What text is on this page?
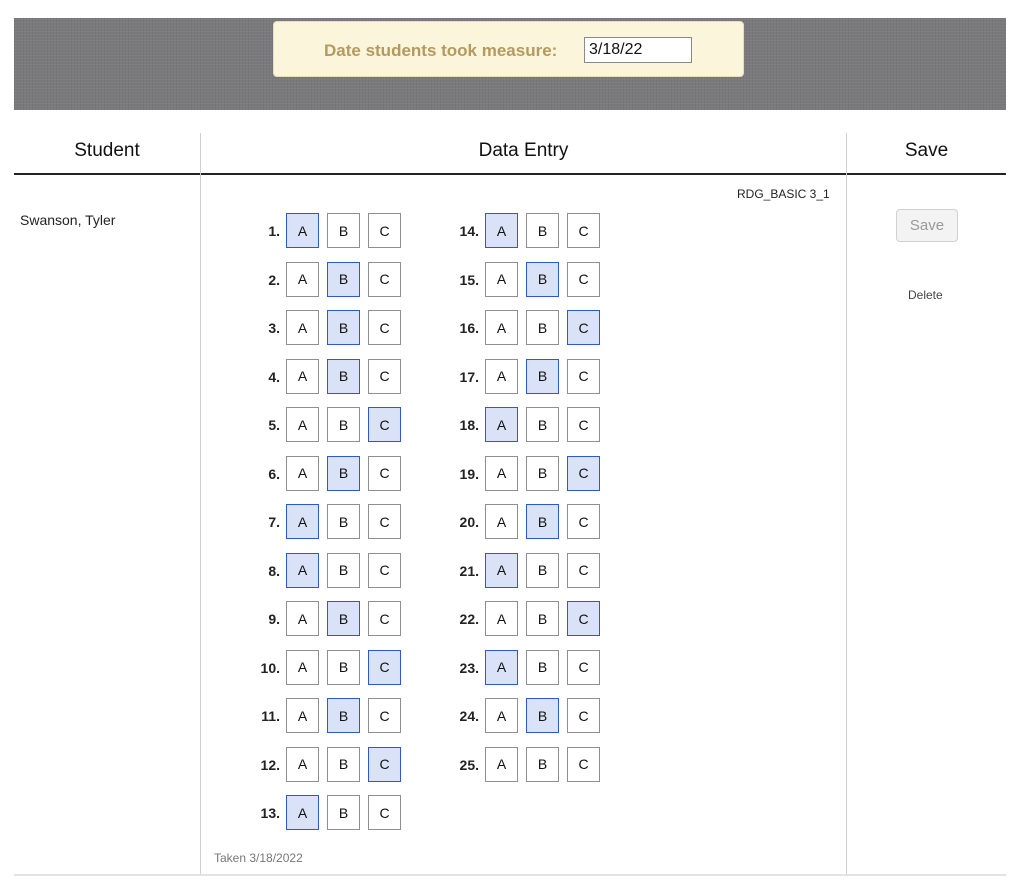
Date students took measure:
3/18/22
Student	Data Entry	Save
Swanson, Tyler
RDG_BASIC 3_1
1.	A	B	C
2.	A	B	C
3.	A	B	C
4.	A	B	C
5.	A	B	C
6.	A	B	C
7.	A	B	C
8.	A	B	C
9.	A	B	C
10.	A	B	C
11.	A	B	C
12.	A	B	C
13.	A	B	C
14.	A	B	C
15.	A	B	C
16.	A	B	C
17.	A	B	C
18.	A	B	C
19.	A	B	C
20.	A	B	C
21.	A	B	C
22.	A	B	C
23.	A	B	C
24.	A	B	C
25.	A	B	C
Taken 3/18/2022
Save
Delete
